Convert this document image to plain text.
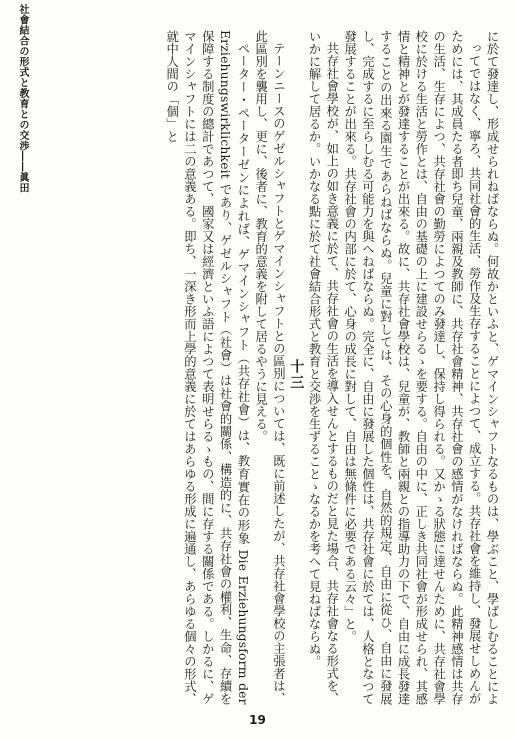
社會結合の形式と教育との交渉――眞田	に於て發達し、形成せられねばならぬ。何故かといふと、ゲマインシャフトなるものは、學ぶこと、學ばしむることによ

ってではなく、寧ろ、共同社會的生活、勞作及生存することによつて、成立する。共存社會を維持し、發展せしめんがためには、其成員たる者即ち兒童、兩親及教師に、共存社會精神、共存社會の感情がなければならぬ。此精神感情は共存の生活、生存によつ、共存社會の勤勞によつてのみ發達し、保持し得られる。又かゝる狀態に達せんために、共存社會學校に於ける生活と勞作とは、自由の基礎の上に建設せらるゝを要する。自由の中に、正しき共同社會が形成せられ、其感情と精神とが發達することが出來る。故に、共存社會學校は、兒童が、教師と兩親との指導助力の下で、自由に成長發達することの出來る園生であらねばならぬ。兒童に對しては、その心身的個性を、自然的規定、自由に從ひ、自由に發展し、完成するに至らしむる可能力を與へねばならぬ。完全に、自由に發展した個性は、共存社會に於ては、人格となつて發展することが出來る。共存社會の内部に於て、心身の成長に對して、自由は無條件に必要である云々」と。

共存社會學校が、如上の如き意義に於て、共存社會の生活を導入せんとするものだと見た場合、共存社會なる形式を、いかに解して居るか。いかなる點に於て社會結合形式と教育と交渉を生ずることゝなるかを考へて見ねばならぬ。

十三

テーンニースのゲゼルシャフトとゲマインシャフトとの區別については、既に前述したが、共存社會學校の主張者は、此區別を襲用し、更に、後者に、教育的意義を附して居るやうに見える。

ペーター・ペーターゼンによれば、ゲマインシャフト（共存社會）は、教育實在の形象 Die Erziehungsform der Erziehungswirklichkeit であり、ゲゼルシャフト（社會）は社會的關係、構造的に、共存社會の權利、生命、存續を保障する制度の總計であつて、國家又は經濟といふ語によつて表明せらるゝもの、間に存する關係である。しかるに、ゲマインシャフトには二の意義ある。即ち、一深き形而上學的意義に於てはあらゆる形成に遍通し、あらゆる個々の形式、就中人間の「個」と

19
